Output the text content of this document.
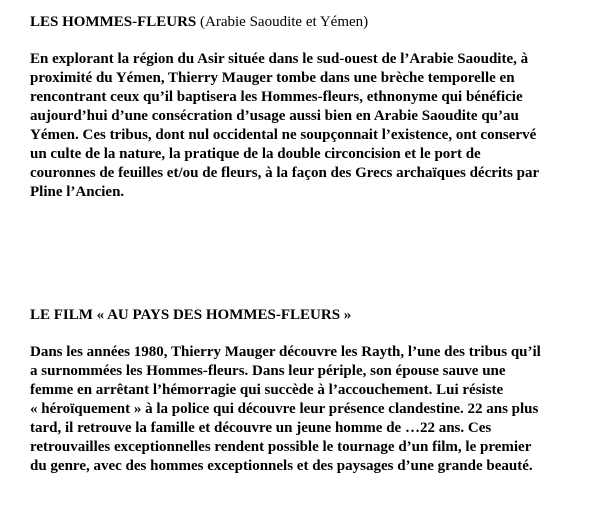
LES HOMMES-FLEURS (Arabie Saoudite et Yémen)
En explorant la région du Asir située dans le sud-ouest de l’Arabie Saoudite, à
proximité du Yémen, Thierry Mauger tombe dans une brèche temporelle en
rencontrant ceux qu’il baptisera les Hommes-fleurs, ethnonyme qui bénéficie
aujourd’hui d’une consécration d’usage aussi bien en Arabie Saoudite qu’au
Yémen. Ces tribus, dont nul occidental ne soupçonnait l’existence, ont conservé
un culte de la nature, la pratique de la double circoncision et le port de
couronnes de feuilles et/ou de fleurs, à la façon des Grecs archaïques décrits par
Pline l’Ancien.
LE FILM « AU PAYS DES HOMMES-FLEURS »
Dans les années 1980, Thierry Mauger découvre les Rayth, l’une des tribus qu’il
a surnommées les Hommes-fleurs. Dans leur périple, son épouse sauve une
femme en arrêtant l’hémorragie qui succède à l’accouchement. Lui résiste
« héroïquement » à la police qui découvre leur présence clandestine. 22 ans plus
tard, il retrouve la famille et découvre un jeune homme de …22 ans. Ces
retrouvailles exceptionnelles rendent possible le tournage d’un film, le premier
du genre, avec des hommes exceptionnels et des paysages d’une grande beauté.
